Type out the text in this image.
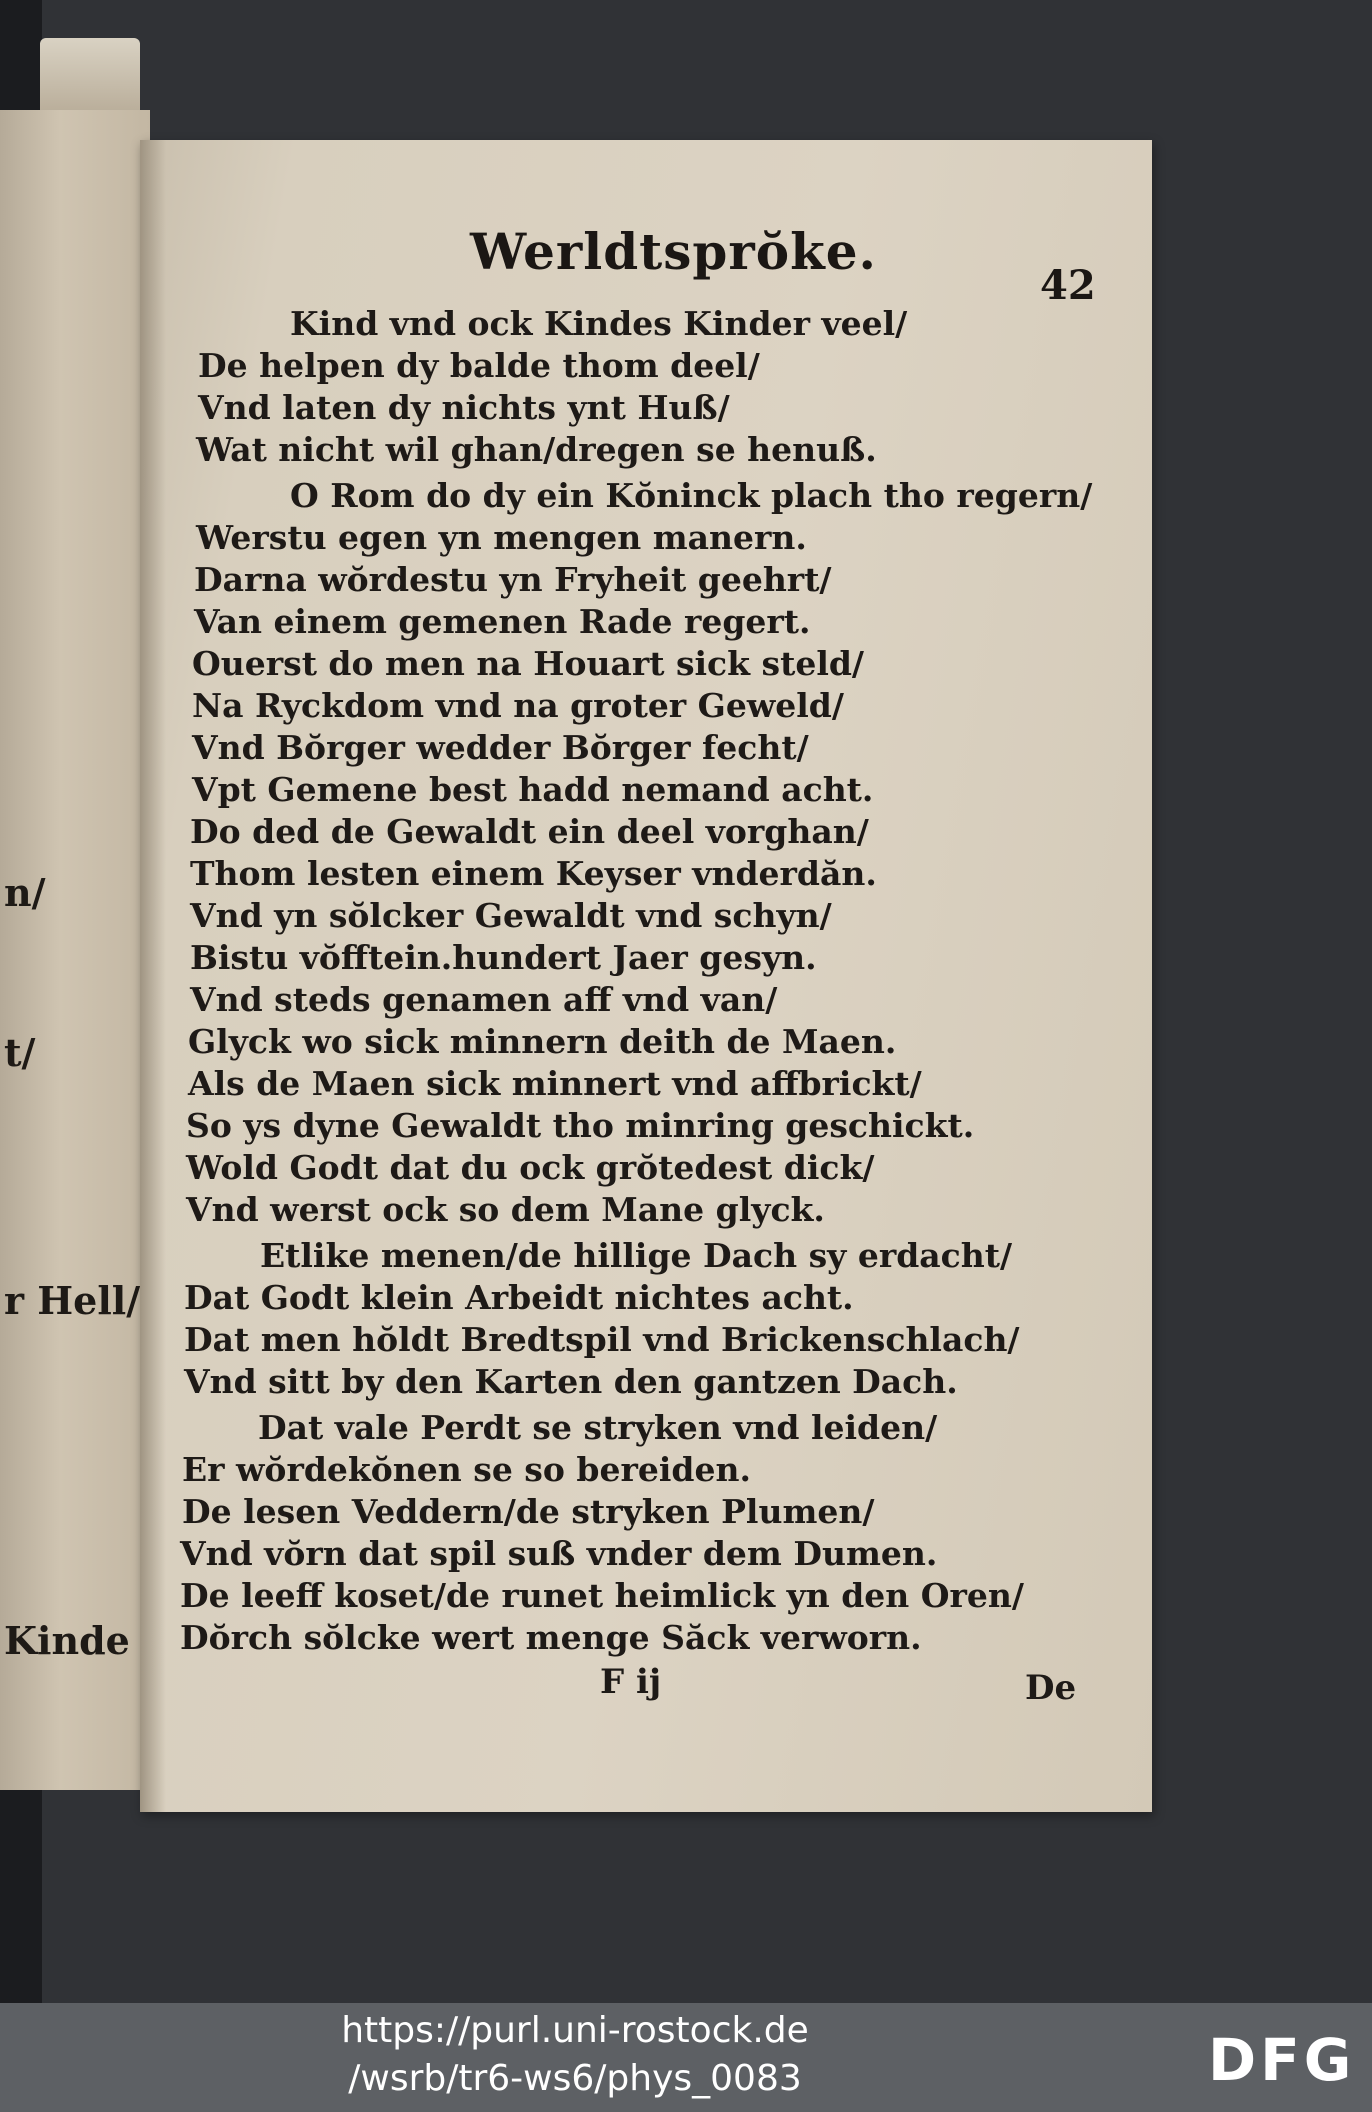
n/
t/
r Hell/
Kinde
Werldtsprŏke.
42
Kind vnd ock Kindes Kinder veel/
De helpen dy balde thom deel/
Vnd laten dy nichts ynt Huß/
Wat nicht wil ghan/dregen se henuß.
O Rom do dy ein Kŏninck plach tho regern/
Werstu egen yn mengen manern.
Darna wŏrdestu yn Fryheit geehrt/
Van einem gemenen Rade regert.
Ouerst do men na Houart sick steld/
Na Ryckdom vnd na groter Geweld/
Vnd Bŏrger wedder Bŏrger fecht/
Vpt Gemene best hadd nemand acht.
Do ded de Gewaldt ein deel vorghan/
Thom lesten einem Keyser vnderdăn.
Vnd yn sŏlcker Gewaldt vnd schyn/
Bistu vŏfftein.hundert Jaer gesyn.
Vnd steds genamen aff vnd van/
Glyck wo sick minnern deith de Maen.
Als de Maen sick minnert vnd affbrickt/
So ys dyne Gewaldt tho minring geschickt.
Wold Godt dat du ock grŏtedest dick/
Vnd werst ock so dem Mane glyck.
Etlike menen/de hillige Dach sy erdacht/
Dat Godt klein Arbeidt nichtes acht.
Dat men hŏldt Bredtspil vnd Brickenschlach/
Vnd sitt by den Karten den gantzen Dach.
Dat vale Perdt se stryken vnd leiden/
Er wŏrdekŏnen se so bereiden.
De lesen Veddern/de stryken Plumen/
Vnd vŏrn dat spil suß vnder dem Dumen.
De leeff koset/de runet heimlick yn den Oren/
Dŏrch sŏlcke wert menge Săck verworn.
F ij	De
https://purl.uni-rostock.de
/wsrb/tr6-ws6/phys_0083	DFG
